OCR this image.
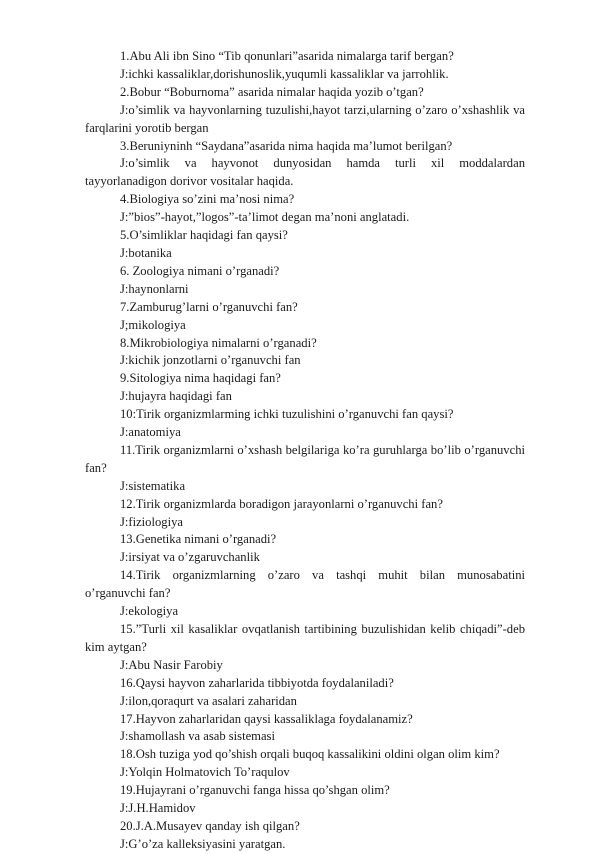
1.Abu Ali ibn Sino “Tib qonunlari”asarida nimalarga tarif bergan?

J:ichki kassaliklar,dorishunoslik,yuqumli kassaliklar va jarrohlik.

2.Bobur “Boburnoma” asarida nimalar haqida yozib o’tgan?

J:o’simlik va hayvonlarning tuzulishi,hayot tarzi,ularning o’zaro o’xshashlik va farqlarini yorotib bergan

3.Beruniyninh “Saydana”asarida nima haqida ma’lumot berilgan?

J:o’simlik va hayvonot dunyosidan hamda turli xil moddalardan tayyorlanadigon dorivor vositalar haqida.

4.Biologiya so’zini ma’nosi nima?

J:”bios”-hayot,”logos”-ta’limot degan ma’noni anglatadi.

5.O’simliklar haqidagi fan qaysi?

J:botanika

6. Zoologiya nimani o’rganadi?

J:haynonlarni

7.Zamburug’larni o’rganuvchi fan?

J;mikologiya

8.Mikrobiologiya nimalarni o’rganadi?

J:kichik jonzotlarni o’rganuvchi fan

9.Sitologiya nima haqidagi fan?

J:hujayra haqidagi fan

10:Tirik organizmlarming ichki tuzulishini o’rganuvchi fan qaysi?

J:anatomiya

11.Tirik organizmlarni o’xshash belgilariga ko’ra guruhlarga bo’lib o’rganuvchi fan?

J:sistematika

12.Tirik organizmlarda boradigon jarayonlarni o’rganuvchi fan?

J:fiziologiya

13.Genetika nimani o’rganadi?

J:irsiyat va o’zgaruvchanlik

14.Tirik organizmlarning o’zaro va tashqi muhit bilan munosabatini o’rganuvchi fan?

J:ekologiya

15.”Turli xil kasaliklar ovqatlanish tartibining buzulishidan kelib chiqadi”-deb kim aytgan?

J:Abu Nasir Farobiy

16.Qaysi hayvon zaharlarida tibbiyotda foydalaniladi?

J:ilon,qoraqurt va asalari zaharidan

17.Hayvon zaharlaridan qaysi kassaliklaga foydalanamiz?

J:shamollash va asab sistemasi

18.Osh tuziga yod qo’shish orqali buqoq kassalikini oldini olgan olim kim?

J:Yolqin Holmatovich To’raqulov

19.Hujayrani o’rganuvchi fanga hissa qo’shgan olim?

J:J.H.Hamidov

20.J.A.Musayev qanday ish qilgan?

J:G’o’za kalleksiyasini yaratgan.
